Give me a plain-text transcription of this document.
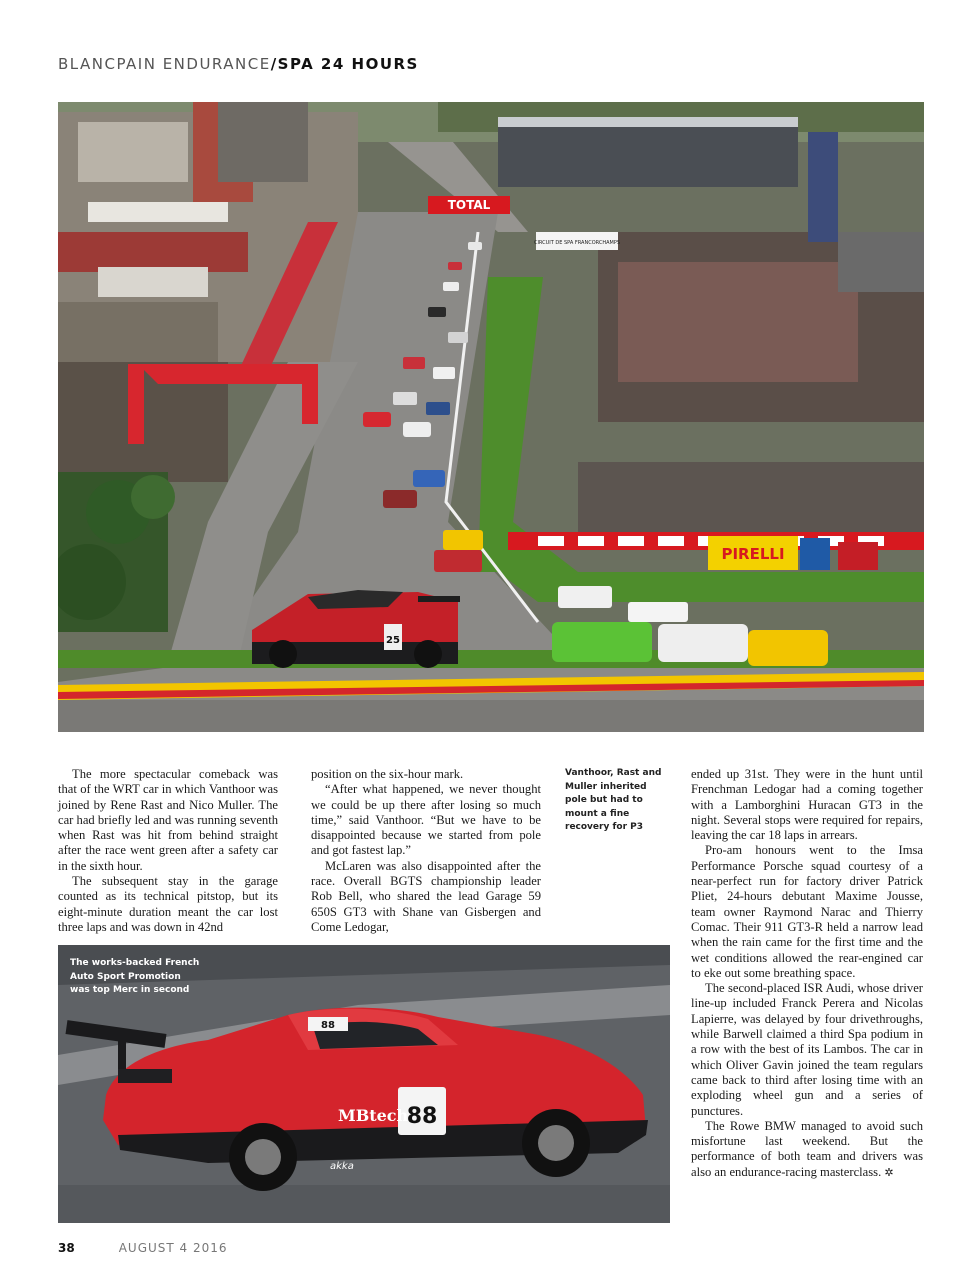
BLANCPAIN ENDURANCE/SPA 24 HOURS
TOTAL
CIRCUIT DE SPA FRANCORCHAMPS
PIRELLI
25

The more spectacular comeback was that of the WRT car in which Vanthoor was joined by Rene Rast and Nico Muller. The car had briefly led and was running seventh when Rast was hit from behind straight after the race went green after a safety car in the sixth hour.

The subsequent stay in the garage counted as its technical pitstop, but its eight-minute duration meant the car lost three laps and was down in 42nd

position on the six-hour mark.

“After what happened, we never thought we could be up there after losing so much time,” said Vanthoor. “But we have to be disappointed because we started from pole and got fastest lap.”

McLaren was also disappointed after the race. Overall BGTS championship leader Rob Bell, who shared the lead Garage 59 650S GT3 with Shane van Gisbergen and Come Ledogar,

Vanthoor, Rast and Muller inherited pole but had to mount a fine recovery for P3

ended up 31st. They were in the hunt until Frenchman Ledogar had a coming together with a Lamborghini Huracan GT3 in the night. Several stops were required for repairs, leaving the car 18 laps in arrears.

Pro-am honours went to the Imsa Performance Porsche squad courtesy of a near-perfect run for factory driver Patrick Pliet, 24-hours debutant Maxime Jousse, team owner Raymond Narac and Thierry Comac. Their 911 GT3-R held a narrow lead when the rain came for the first time and the wet conditions allowed the rear-engined car to eke out some breathing space.

The second-placed ISR Audi, whose driver line-up included Franck Perera and Nicolas Lapierre, was delayed by four drivethroughs, while Barwell claimed a third Spa podium in a row with the best of its Lambos. The car in which Oliver Gavin joined the team regulars came back to third after losing time with an exploding wheel gun and a series of punctures.

The Rowe BMW managed to avoid such misfortune last weekend. But the performance of both team and drivers was also an endurance-racing masterclass. ✲

88
MBtech
akka
88
The works-backed French Auto Sport Promotion was top Merc in second
38	AUGUST 4 2016
